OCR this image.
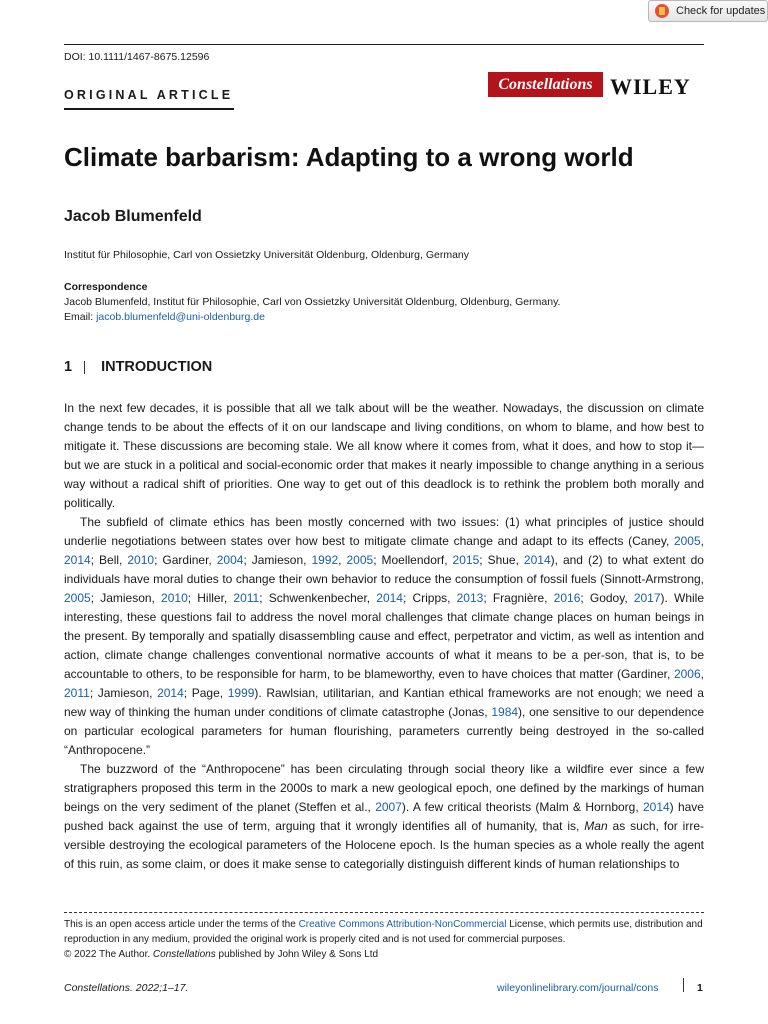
Check for updates
DOI: 10.1111/1467-8675.12596
ORIGINAL ARTICLE
Constellations WILEY
Climate barbarism: Adapting to a wrong world
Jacob Blumenfeld
Institut für Philosophie, Carl von Ossietzky Universität Oldenburg, Oldenburg, Germany
Correspondence
Jacob Blumenfeld, Institut für Philosophie, Carl von Ossietzky Universität Oldenburg, Oldenburg, Germany.
Email: jacob.blumenfeld@uni-oldenburg.de
1 INTRODUCTION

In the next few decades, it is possible that all we talk about will be the weather. Nowadays, the discussion on climate change tends to be about the effects of it on our landscape and living conditions, on whom to blame, and how best to mitigate it. These discussions are becoming stale. We all know where it comes from, what it does, and how to stop it—but we are stuck in a political and social-economic order that makes it nearly impossible to change anything in a serious way without a radical shift of priorities. One way to get out of this deadlock is to rethink the problem both morally and politically.

The subfield of climate ethics has been mostly concerned with two issues: (1) what principles of justice should underlie negotiations between states over how best to mitigate climate change and adapt to its effects (Caney, 2005, 2014; Bell, 2010; Gardiner, 2004; Jamieson, 1992, 2005; Moellendorf, 2015; Shue, 2014), and (2) to what extent do individuals have moral duties to change their own behavior to reduce the consumption of fossil fuels (Sinnott-Armstrong, 2005; Jamieson, 2010; Hiller, 2011; Schwenkenbecher, 2014; Cripps, 2013; Fragnière, 2016; Godoy, 2017). While interesting, these questions fail to address the novel moral challenges that climate change places on human beings in the present. By temporally and spatially disassembling cause and effect, perpetrator and victim, as well as intention and action, climate change challenges conventional normative accounts of what it means to be a per-son, that is, to be accountable to others, to be responsible for harm, to be blameworthy, even to have choices that matter (Gardiner, 2006, 2011; Jamieson, 2014; Page, 1999). Rawlsian, utilitarian, and Kantian ethical frameworks are not enough; we need a new way of thinking the human under conditions of climate catastrophe (Jonas, 1984), one sensitive to our dependence on particular ecological parameters for human flourishing, parameters currently being destroyed in the so-called “Anthropocene.”

The buzzword of the “Anthropocene” has been circulating through social theory like a wildfire ever since a few stratigraphers proposed this term in the 2000s to mark a new geological epoch, one defined by the markings of human beings on the very sediment of the planet (Steffen et al., 2007). A few critical theorists (Malm & Hornborg, 2014) have pushed back against the use of term, arguing that it wrongly identifies all of humanity, that is, Man as such, for irre-versible destroying the ecological parameters of the Holocene epoch. Is the human species as a whole really the agent of this ruin, as some claim, or does it make sense to categorially distinguish different kinds of human relationships to

This is an open access article under the terms of the Creative Commons Attribution-NonCommercial License, which permits use, distribution and reproduction in any medium, provided the original work is properly cited and is not used for commercial purposes.

© 2022 The Author. Constellations published by John Wiley & Sons Ltd

Constellations. 2022;1–17.	wileyonlinelibrary.com/journal/cons	1
